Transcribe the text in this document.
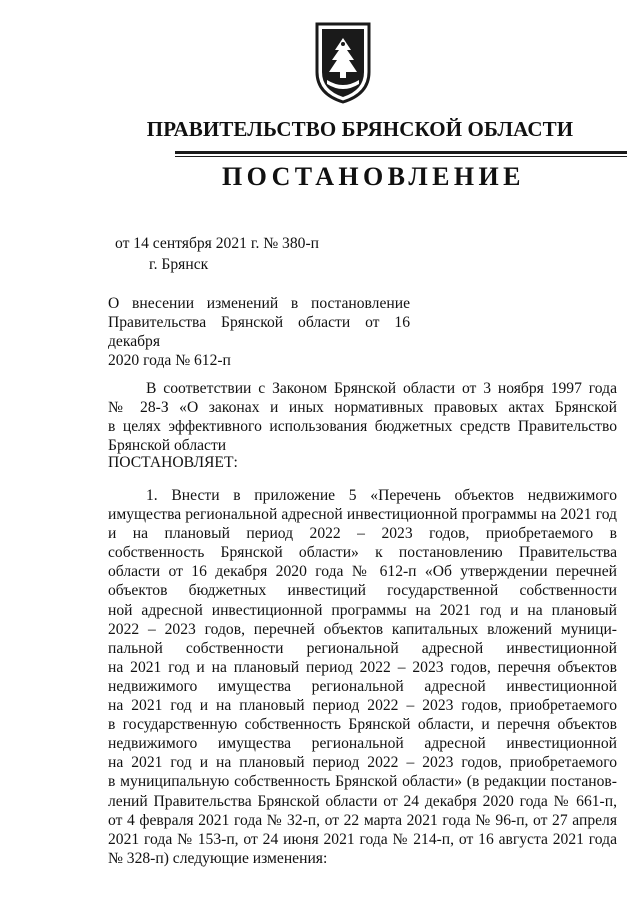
ПРАВИТЕЛЬСТВО БРЯНСКОЙ ОБЛАСТИ
ПОСТАНОВЛЕНИЕ
от 14 сентября 2021 г. № 380-п
г. Брянск
О внесении изменений в постановление
Правительства Брянской области от 16 декабря
2020 года № 612-п
В соответствии с Законом Брянской области от 3 ноября 1997 года
№ 28-З «О законах и иных нормативных правовых актах Брянской
в целях эффективного использования бюджетных средств Правительство
Брянской области
ПОСТАНОВЛЯЕТ:
1. Внести в приложение 5 «Перечень объектов недвижимого
имущества региональной адресной инвестиционной программы на 2021 год
и на плановый период 2022 – 2023 годов, приобретаемого в
собственность Брянской области» к постановлению Правительства
области от 16 декабря 2020 года № 612-п «Об утверждении перечней
объектов бюджетных инвестиций государственной собственности
ной адресной инвестиционной программы на 2021 год и на плановый
2022 – 2023 годов, перечней объектов капитальных вложений муници-
пальной собственности региональной адресной инвестиционной
на 2021 год и на плановый период 2022 – 2023 годов, перечня объектов
недвижимого имущества региональной адресной инвестиционной
на 2021 год и на плановый период 2022 – 2023 годов, приобретаемого
в государственную собственность Брянской области, и перечня объектов
недвижимого имущества региональной адресной инвестиционной
на 2021 год и на плановый период 2022 – 2023 годов, приобретаемого
в муниципальную собственность Брянской области» (в редакции постанов-
лений Правительства Брянской области от 24 декабря 2020 года № 661-п,
от 4 февраля 2021 года № 32-п, от 22 марта 2021 года № 96-п, от 27 апреля
2021 года № 153-п, от 24 июня 2021 года № 214-п, от 16 августа 2021 года
№ 328-п) следующие изменения:
